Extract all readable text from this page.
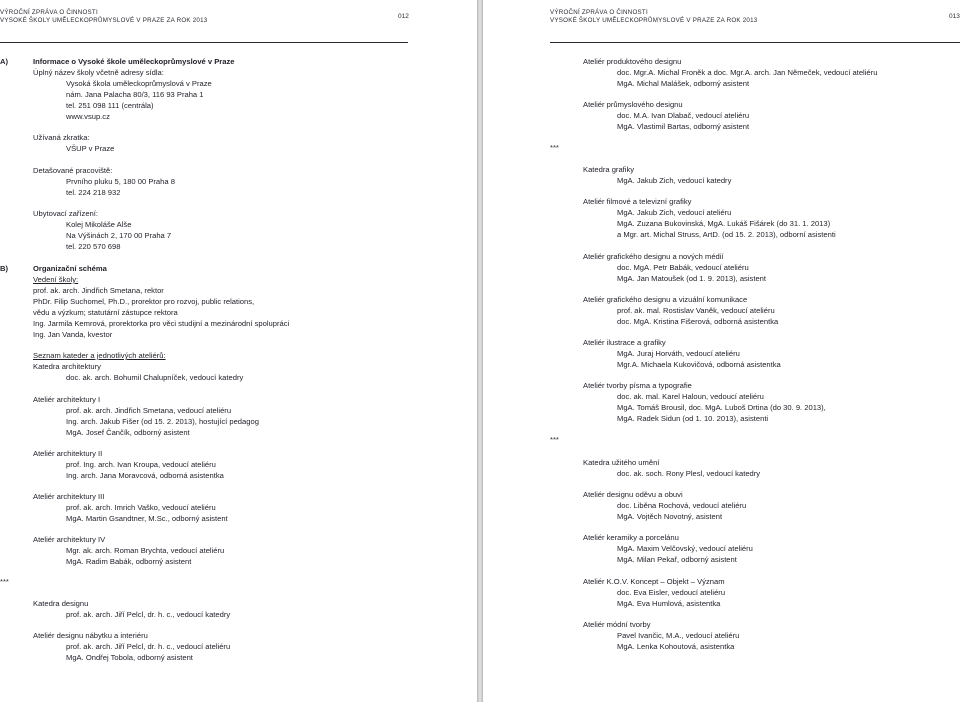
VÝROČNÍ ZPRÁVA O ČINNOSTI
VYSOKÉ ŠKOLY UMĚLECKOPRŮMYSLOVÉ V PRAZE ZA ROK 2013
012
A)	Informace o Vysoké škole uměleckoprůmyslové v Praze
Úplný název školy včetně adresy sídla:
Vysoká škola uměleckoprůmyslová v Praze
nám. Jana Palacha 80/3, 116 93 Praha 1
tel. 251 098 111 (centrála)
www.vsup.cz
Užívaná zkratka:
VŠUP v Praze
Detašované pracoviště:
Prvního pluku 5, 180 00 Praha 8
tel. 224 218 932
Ubytovací zařízení:
Kolej Mikoláše Alše
Na Výšinách 2, 170 00 Praha 7
tel. 220 570 698
B)	Organizační schéma
Vedení školy:
prof. ak. arch. Jindřich Smetana, rektor
PhDr. Filip Suchomel, Ph.D., prorektor pro rozvoj, public relations,
vědu a výzkum; statutární zástupce rektora
Ing. Jarmila Kemrová, prorektorka pro věci studijní a mezinárodní spolupráci
Ing. Jan Vanda, kvestor
Seznam kateder a jednotlivých ateliérů:
Katedra architektury
doc. ak. arch. Bohumil Chalupníček, vedoucí katedry
Ateliér architektury I
prof. ak. arch. Jindřich Smetana, vedoucí ateliéru
Ing. arch. Jakub Fišer (od 15. 2. 2013), hostující pedagog
MgA. Josef Čančík, odborný asistent
Ateliér architektury II
prof. Ing. arch. Ivan Kroupa, vedoucí ateliéru
Ing. arch. Jana Moravcová, odborná asistentka
Ateliér architektury III
prof. ak. arch. Imrich Vaško, vedoucí ateliéru
MgA. Martin Gsandtner, M.Sc., odborný asistent
Ateliér architektury IV
Mgr. ak. arch. Roman Brychta, vedoucí ateliéru
MgA. Radim Babák, odborný asistent
***
Katedra designu
prof. ak. arch. Jiří Pelcl, dr. h. c., vedoucí katedry
Ateliér designu nábytku a interiéru
prof. ak. arch. Jiří Pelcl, dr. h. c., vedoucí ateliéru
MgA. Ondřej Tobola, odborný asistent
VÝROČNÍ ZPRÁVA O ČINNOSTI
VYSOKÉ ŠKOLY UMĚLECKOPRŮMYSLOVÉ V PRAZE ZA ROK 2013
013
Ateliér produktového designu
doc. Mgr.A. Michal Froněk a doc. Mgr.A. arch. Jan Němeček, vedoucí ateliéru
MgA. Michal Malášek, odborný asistent
Ateliér průmyslového designu
doc. M.A. Ivan Dlabač, vedoucí ateliéru
MgA. Vlastimil Bartas, odborný asistent
***
Katedra grafiky
MgA. Jakub Zich, vedoucí katedry
Ateliér filmové a televizní grafiky
MgA. Jakub Zich, vedoucí ateliéru
MgA. Zuzana Bukovinská, MgA. Lukáš Fišárek (do 31. 1. 2013)
a Mgr. art. Michal Struss, ArtD. (od 15. 2. 2013), odborní asistenti
Ateliér grafického designu a nových médií
doc. MgA. Petr Babák, vedoucí ateliéru
MgA. Jan Matoušek (od 1. 9. 2013), asistent
Ateliér grafického designu a vizuální komunikace
prof. ak. mal. Rostislav Vaněk, vedoucí ateliéru
doc. MgA. Kristina Fišerová, odborná asistentka
Ateliér ilustrace a grafiky
MgA. Juraj Horváth, vedoucí ateliéru
Mgr.A. Michaela Kukovičová, odborná asistentka
Ateliér tvorby písma a typografie
doc. ak. mal. Karel Haloun, vedoucí ateliéru
MgA. Tomáš Brousil, doc. MgA. Luboš Drtina (do 30. 9. 2013),
MgA. Radek Sidun (od 1. 10. 2013), asistenti
***
Katedra užitého umění
doc. ak. soch. Rony Plesl, vedoucí katedry
Ateliér designu oděvu a obuvi
doc. Liběna Rochová, vedoucí ateliéru
MgA. Vojtěch Novotný, asistent
Ateliér keramiky a porcelánu
MgA. Maxim Velčovský, vedoucí ateliéru
MgA. Milan Pekař, odborný asistent
Ateliér K.O.V. Koncept – Objekt – Význam
doc. Eva Eisler, vedoucí ateliéru
MgA. Eva Humlová, asistentka
Ateliér módní tvorby
Pavel Ivančic, M.A., vedoucí ateliéru
MgA. Lenka Kohoutová, asistentka
